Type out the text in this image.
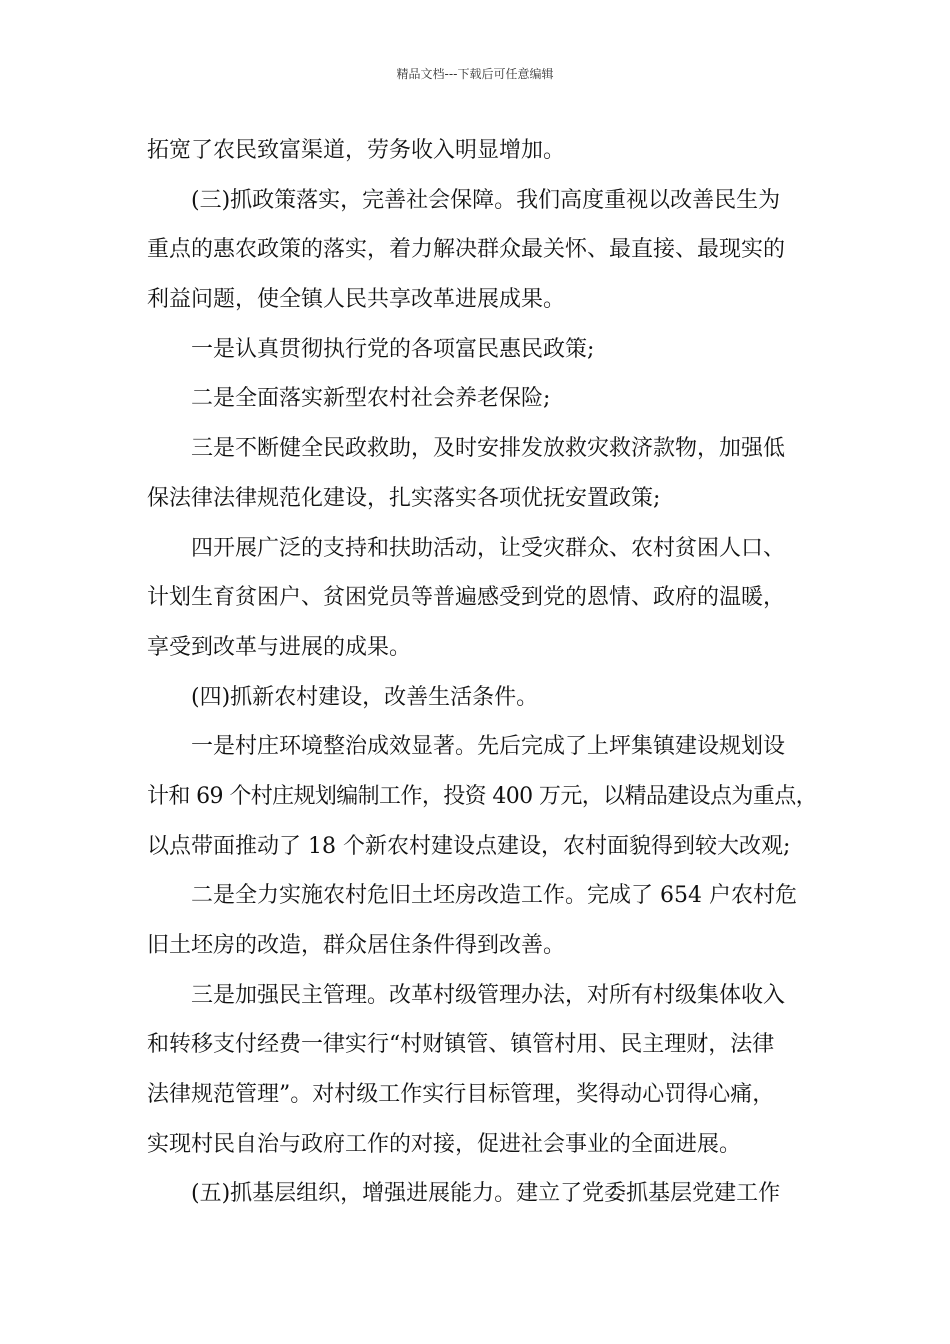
精品文档---下载后可任意编辑
拓宽了农民致富渠道，劳务收入明显增加。
(三)抓政策落实，完善社会保障。我们高度重视以改善民生为
重点的惠农政策的落实，着力解决群众最关怀、最直接、最现实的
利益问题，使全镇人民共享改革进展成果。
一是认真贯彻执行党的各项富民惠民政策;
二是全面落实新型农村社会养老保险;
三是不断健全民政救助，及时安排发放救灾救济款物，加强低
保法律法律规范化建设，扎实落实各项优抚安置政策;
四开展广泛的支持和扶助活动，让受灾群众、农村贫困人口、
计划生育贫困户、贫困党员等普遍感受到党的恩情、政府的温暖，
享受到改革与进展的成果。
(四)抓新农村建设，改善生活条件。
一是村庄环境整治成效显著。先后完成了上坪集镇建设规划设
计和 69 个村庄规划编制工作，投资 400 万元，以精品建设点为重点，
以点带面推动了 18 个新农村建设点建设，农村面貌得到较大改观;
二是全力实施农村危旧土坯房改造工作。完成了 654 户农村危
旧土坯房的改造，群众居住条件得到改善。
三是加强民主管理。改革村级管理办法，对所有村级集体收入
和转移支付经费一律实行“村财镇管、镇管村用、民主理财，法律
法律规范管理”。对村级工作实行目标管理，奖得动心罚得心痛，
实现村民自治与政府工作的对接，促进社会事业的全面进展。
(五)抓基层组织，增强进展能力。建立了党委抓基层党建工作
